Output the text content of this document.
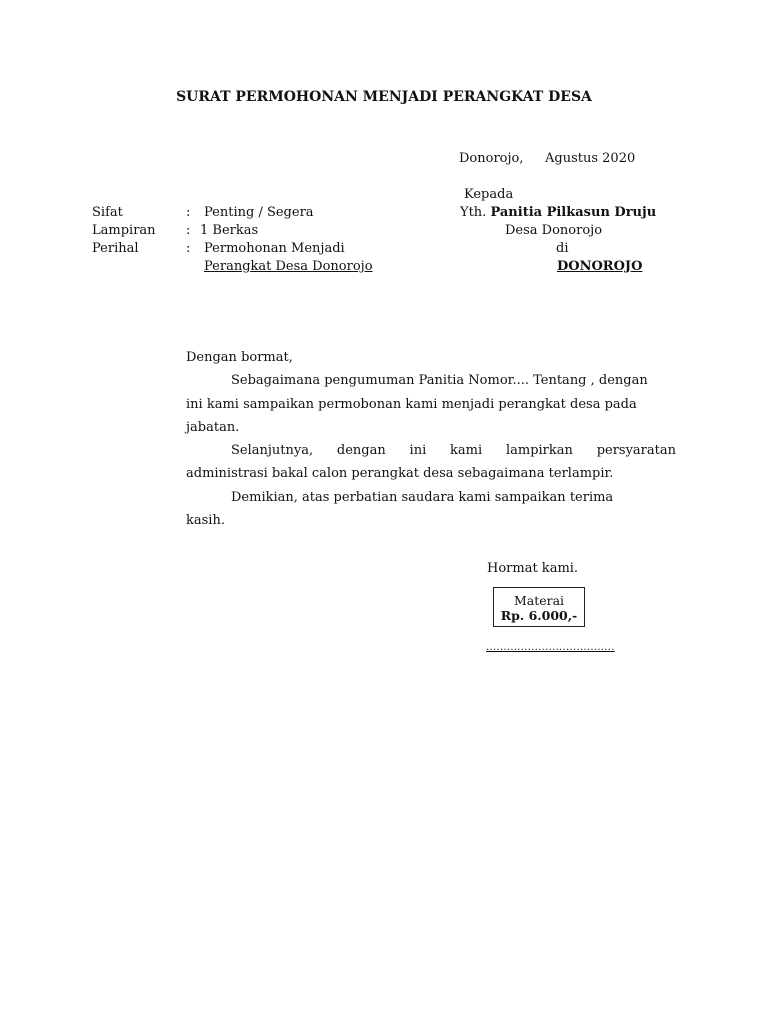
SURAT PERMOHONAN MENJADI PERANGKAT DESA
Donorojo, Agustus 2020
Kepada
Yth. Panitia Pilkasun Druju
Desa Donorojo
di
DONOROJO
Sifat	: Penting / Segera
Lampiran : 1 Berkas
Perihal	: Permohonan Menjadi
Perangkat Desa Donorojo
Dengan bormat,
Sebagaimana pengumuman Panitia Nomor.... Tentang , dengan
ini kami sampaikan permobonan kami menjadi perangkat desa pada
jabatan.
Selanjutnya, dengan ini kami lampirkan persyaratan
administrasi bakal calon perangkat desa sebagaimana terlampir.
Demikian, atas perbatian saudara kami sampaikan terima
kasih.
Hormat kami.
Materai
Rp. 6.000,-
.....................................
